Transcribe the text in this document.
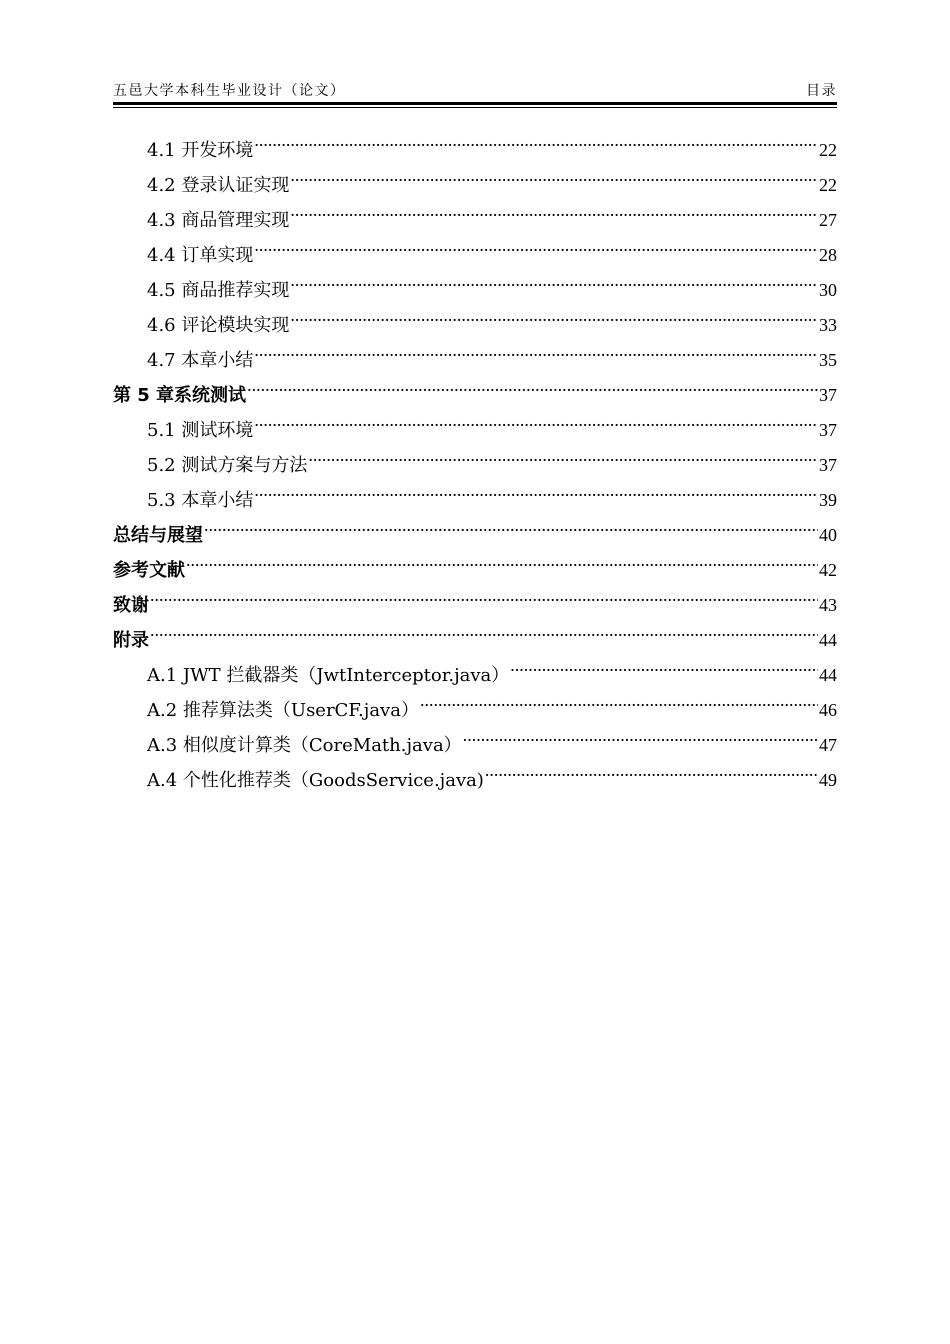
五邑大学本科生毕业设计（论文）	目录
4.1 开发环境 .....	22
4.2 登录认证实现 .....	22
4.3 商品管理实现 .....	27
4.4 订单实现 .....	28
4.5 商品推荐实现 .....	30
4.6 评论模块实现 .....	33
4.7 本章小结 .....	35
第 5 章系统测试 .....	37
5.1 测试环境 .....	37
5.2 测试方案与方法 .....	37
5.3 本章小结 .....	39
总结与展望 .....	40
参考文献 .....	42
致谢 .....	43
附录 .....	44
A.1 JWT 拦截器类（JwtInterceptor.java） .....	44
A.2 推荐算法类（UserCF.java） .....	46
A.3 相似度计算类（CoreMath.java） .....	47
A.4 个性化推荐类（GoodsService.java) .....	49
